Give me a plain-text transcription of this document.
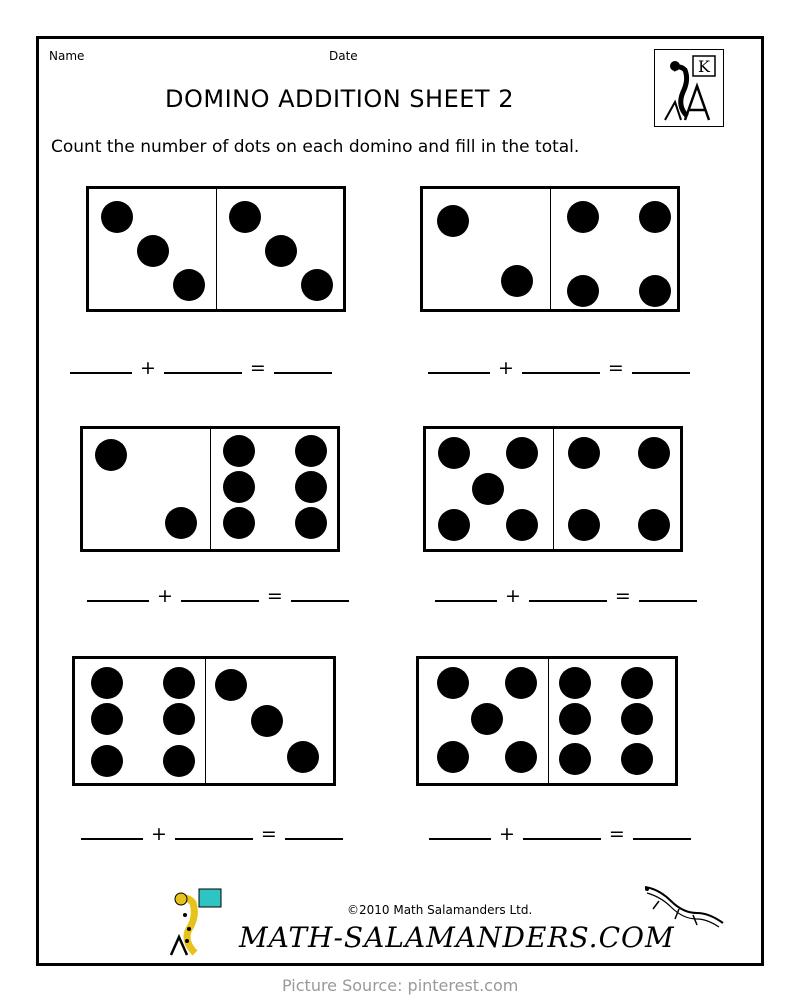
Name	Date
K
DOMINO ADDITION SHEET 2
Count the number of dots on each domino and fill in the total.
+	=	+	=
+	=	+	=
+	=	+	=
©2010 Math Salamanders Ltd.
MATH-SALAMANDERS.COM
Picture Source: pinterest.com
